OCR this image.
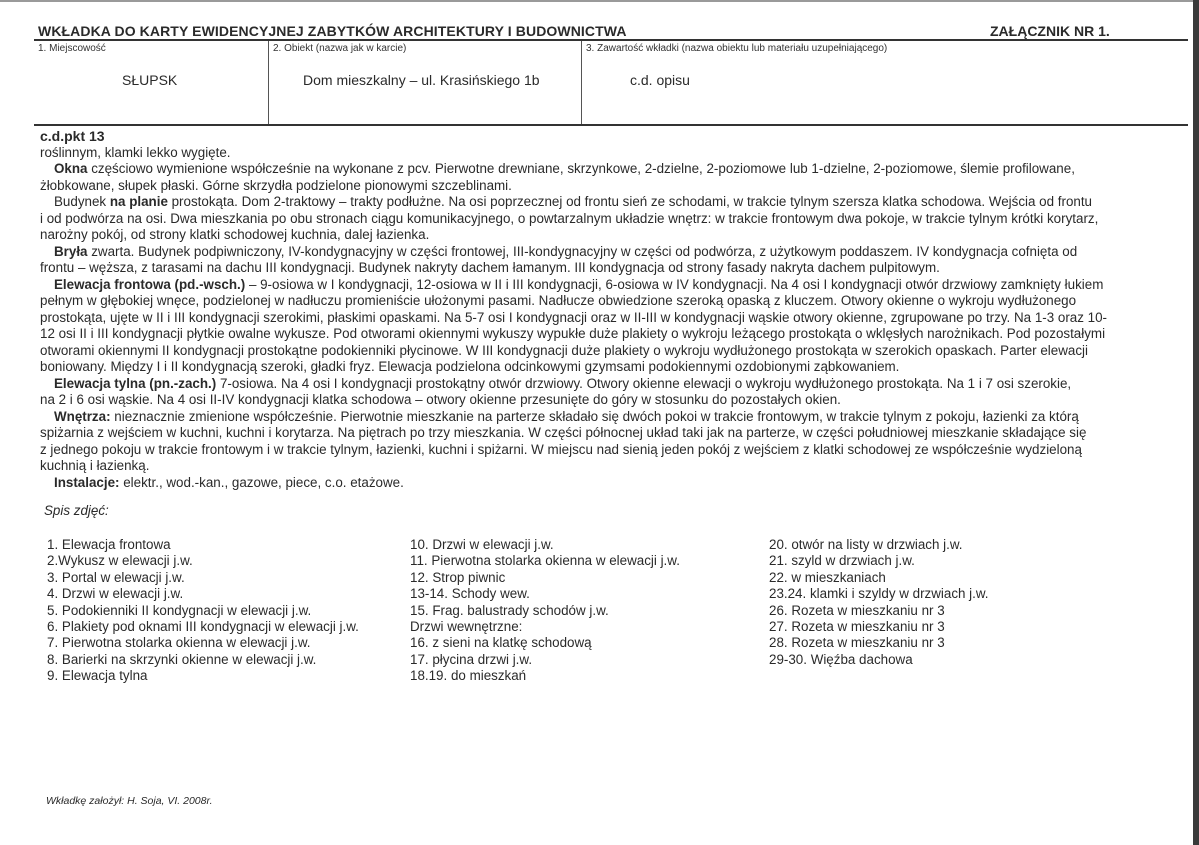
WKŁADKA DO KARTY EWIDENCYJNEJ ZABYTKÓW ARCHITEKTURY I BUDOWNICTWA	ZAŁĄCZNIK NR 1.
1. Miejscowość
SŁUPSK
2. Obiekt (nazwa jak w karcie)
Dom mieszkalny – ul. Krasińskiego 1b
3. Zawartość wkładki (nazwa obiektu lub materiału uzupełniającego)
c.d. opisu
c.d.pkt 13
roślinnym, klamki lekko wygięte.
Okna częściowo wymienione współcześnie na wykonane z pcv. Pierwotne drewniane, skrzynkowe, 2-dzielne, 2-poziomowe lub 1-dzielne, 2-poziomowe, ślemie profilowane,
żłobkowane, słupek płaski. Górne skrzydła podzielone pionowymi szczeblinami.
Budynek na planie prostokąta. Dom 2-traktowy – trakty podłużne. Na osi poprzecznej od frontu sień ze schodami, w trakcie tylnym szersza klatka schodowa. Wejścia od frontu
i od podwórza na osi. Dwa mieszkania po obu stronach ciągu komunikacyjnego, o powtarzalnym układzie wnętrz: w trakcie frontowym dwa pokoje, w trakcie tylnym krótki korytarz,
narożny pokój, od strony klatki schodowej kuchnia, dalej łazienka.
Bryła zwarta. Budynek podpiwniczony, IV-kondygnacyjny w części frontowej, III-kondygnacyjny w części od podwórza, z użytkowym poddaszem. IV kondygnacja cofnięta od
frontu – węższa, z tarasami na dachu III kondygnacji. Budynek nakryty dachem łamanym. III kondygnacja od strony fasady nakryta dachem pulpitowym.
Elewacja frontowa (pd.-wsch.) – 9-osiowa w I kondygnacji, 12-osiowa w II i III kondygnacji, 6-osiowa w IV kondygnacji. Na 4 osi I kondygnacji otwór drzwiowy zamknięty łukiem
pełnym w głębokiej wnęce, podzielonej w nadłuczu promieniście ułożonymi pasami. Nadłucze obwiedzione szeroką opaską z kluczem. Otwory okienne o wykroju wydłużonego
prostokąta, ujęte w II i III kondygnacji szerokimi, płaskimi opaskami. Na 5-7 osi I kondygnacji oraz w II-III w kondygnacji wąskie otwory okienne, zgrupowane po trzy. Na 1-3 oraz 10-
12 osi II i III kondygnacji płytkie owalne wykusze. Pod otworami okiennymi wykuszy wypukłe duże plakiety o wykroju leżącego prostokąta o wklęsłych narożnikach. Pod pozostałymi
otworami okiennymi II kondygnacji prostokątne podokienniki płycinowe. W III kondygnacji duże plakiety o wykroju wydłużonego prostokąta w szerokich opaskach. Parter elewacji
boniowany. Między I i II kondygnacją szeroki, gładki fryz. Elewacja podzielona odcinkowymi gzymsami podokiennymi ozdobionymi ząbkowaniem.
Elewacja tylna (pn.-zach.) 7-osiowa. Na 4 osi I kondygnacji prostokątny otwór drzwiowy. Otwory okienne elewacji o wykroju wydłużonego prostokąta. Na 1 i 7 osi szerokie,
na 2 i 6 osi wąskie. Na 4 osi II-IV kondygnacji klatka schodowa – otwory okienne przesunięte do góry w stosunku do pozostałych okien.
Wnętrza: nieznacznie zmienione współcześnie. Pierwotnie mieszkanie na parterze składało się dwóch pokoi w trakcie frontowym, w trakcie tylnym z pokoju, łazienki za którą
spiżarnia z wejściem w kuchni, kuchni i korytarza. Na piętrach po trzy mieszkania. W części północnej układ taki jak na parterze, w części południowej mieszkanie składające się
z jednego pokoju w trakcie frontowym i w trakcie tylnym, łazienki, kuchni i spiżarni. W miejscu nad sienią jeden pokój z wejściem z klatki schodowej ze współcześnie wydzieloną
kuchnią i łazienką.
Instalacje: elektr., wod.-kan., gazowe, piece, c.o. etażowe.
Spis zdjęć:
1. Elewacja frontowa
2.Wykusz w elewacji j.w.
3. Portal w elewacji j.w.
4. Drzwi w elewacji j.w.
5. Podokienniki II kondygnacji w elewacji j.w.
6. Plakiety pod oknami III kondygnacji w elewacji j.w.
7. Pierwotna stolarka okienna w elewacji j.w.
8. Barierki na skrzynki okienne w elewacji j.w.
9. Elewacja tylna
10. Drzwi w elewacji j.w.
11. Pierwotna stolarka okienna w elewacji j.w.
12. Strop piwnic
13-14. Schody wew.
15. Frag. balustrady schodów j.w.
Drzwi wewnętrzne:
16. z sieni na klatkę schodową
17. płycina drzwi j.w.
18.19. do mieszkań
20. otwór na listy w drzwiach j.w.
21. szyld w drzwiach j.w.
22. w mieszkaniach
23.24. klamki i szyldy w drzwiach j.w.
26. Rozeta w mieszkaniu nr 3
27. Rozeta w mieszkaniu nr 3
28. Rozeta w mieszkaniu nr 3
29-30. Więźba dachowa
Wkładkę założył: H. Soja, VI. 2008r.
